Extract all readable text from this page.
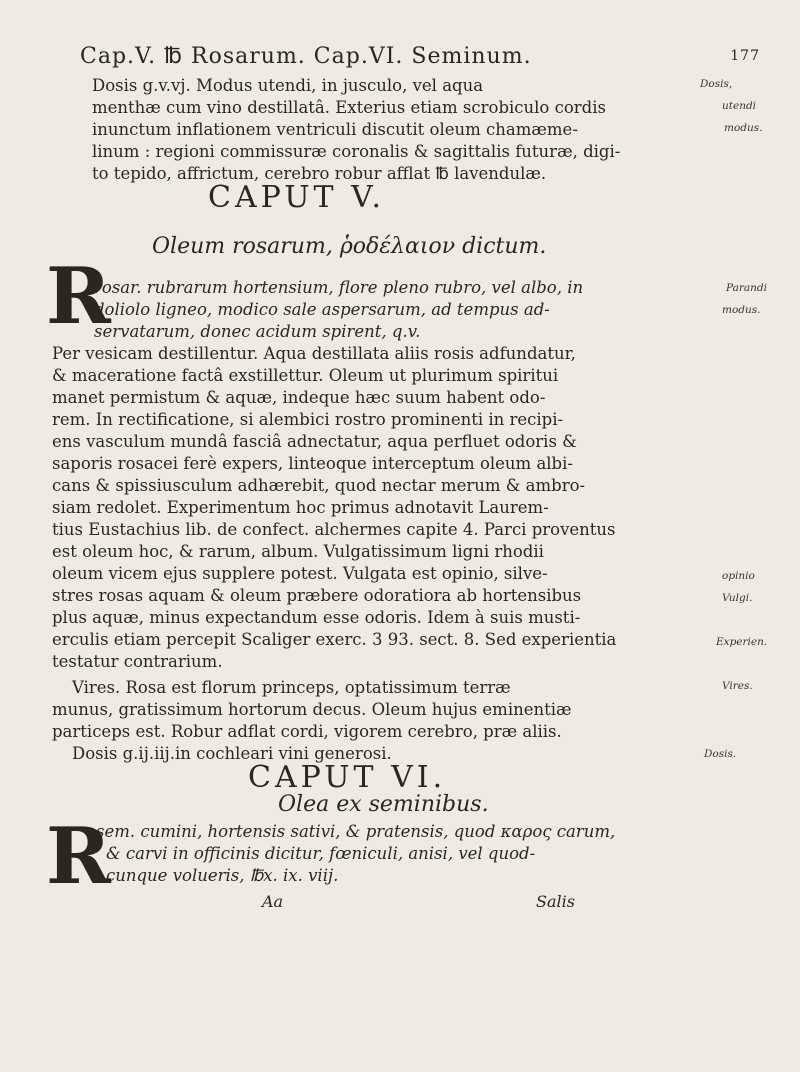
Cap.V. ℔ Rosarum. Cap.VI. Seminum.	177
CAPUT V.
Oleum rosarum, ῥοδέλαιον dictum.
CAPUT VI.
Olea ex seminibus.
R
R
Dosis g.v.vj. Modus utendi, in jusculo, vel aqua
menthæ cum vino destillatâ. Exterius etiam scrobiculo cordis
inunctum inflationem ventriculi discutit oleum chamæme-
linum : regioni commissuræ coronalis & sagittalis futuræ, digi-
to tepido, affrictum, cerebro robur afflat ℔ lavendulæ.
rosar. rubrarum hortensium, flore pleno rubro, vel albo, in
doliolo ligneo, modico sale aspersarum, ad tempus ad-
servatarum, donec acidum spirent, q.v.
Per vesicam destillentur. Aqua destillata aliis rosis adfundatur,
& maceratione factâ exstillettur. Oleum ut plurimum spiritui
manet permistum & aquæ, indeque hæc suum habent odo-
rem. In rectificatione, si alembici rostro prominenti in recipi-
ens vasculum mundâ fasciâ adnectatur, aqua perfluet odoris &
saporis rosacei ferè expers, linteoque interceptum oleum albi-
cans & spissiusculum adhærebit, quod nectar merum & ambro-
siam redolet. Experimentum hoc primus adnotavit Laurem-
tius Eustachius lib. de confect. alchermes capite 4. Parci proventus
est oleum hoc, & rarum, album. Vulgatissimum ligni rhodii
oleum vicem ejus supplere potest. Vulgata est opinio, silve-
stres rosas aquam & oleum præbere odoratiora ab hortensibus
plus aquæ, minus expectandum esse odoris. Idem à suis musti-
erculis etiam percepit Scaliger exerc. 3 93. sect. 8. Sed experientia
testatur contrarium.
Vires. Rosa est florum princeps, optatissimum terræ
munus, gratissimum hortorum decus. Oleum hujus eminentiæ
particeps est. Robur adflat cordi, vigorem cerebro, præ aliis.
Dosis g.ij.iij.in cochleari vini generosi.
sem. cumini, hortensis sativi, & pratensis, quod καρος carum,
& carvi in officinis dicitur, fœniculi, anisi, vel quod-
cunque volueris, ℔x. ix. viij.
Dosis,
utendi
modus.
Parandi
modus.
opinio
Vulgi.
Experien.
Vires.
Dosis.
Aa	Salis
